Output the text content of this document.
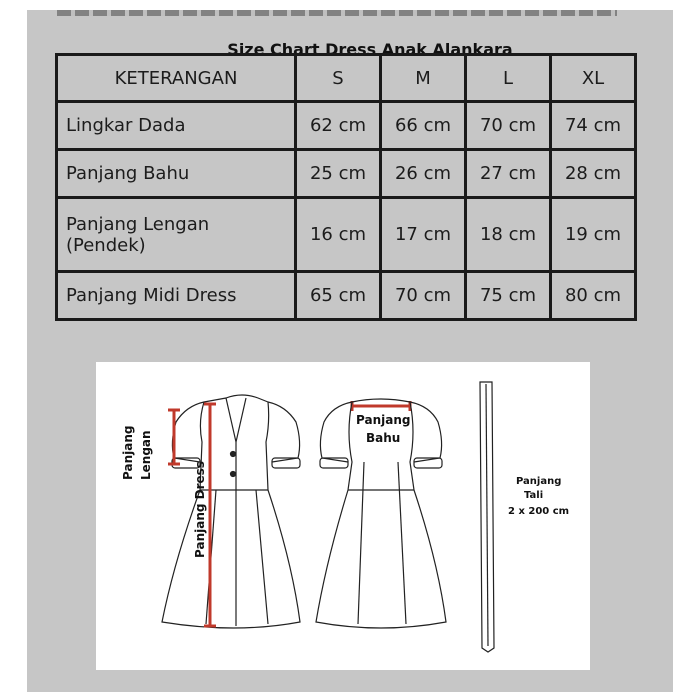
Size Chart Dress Anak Alankara
KETERANGAN	S	M	L	XL
Lingkar Dada	62 cm	66 cm	70 cm	74 cm
Panjang Bahu	25 cm	26 cm	27 cm	28 cm

Panjang Lengan
(Pendek)	16 cm	17 cm	18 cm	19 cm
Panjang Midi Dress	65 cm	70 cm	75 cm	80 cm
Panjang Lengan
Panjang Dress
Panjang
Bahu
Panjang
Tali
2 x 200 cm
